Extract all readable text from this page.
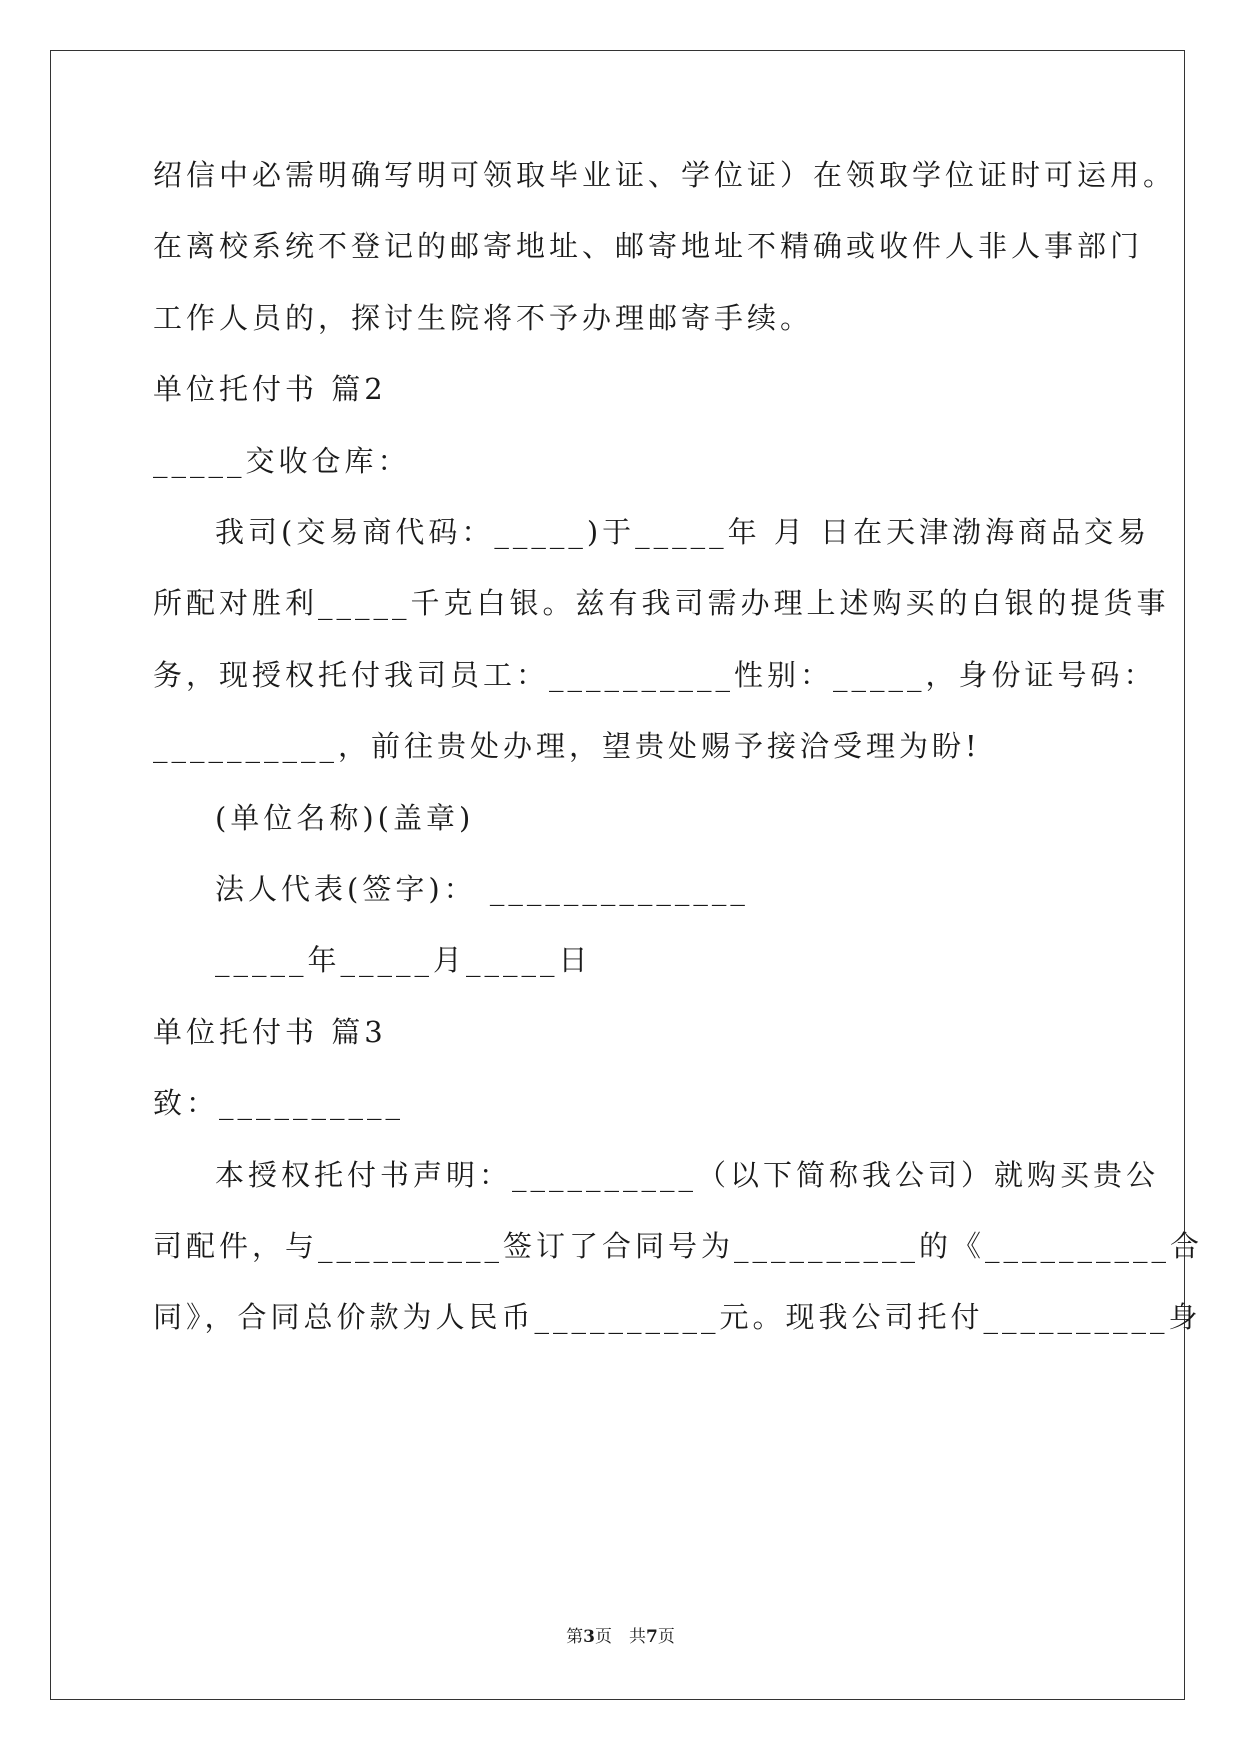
绍信中必需明确写明可领取毕业证、学位证）在领取学位证时可运用。
在离校系统不登记的邮寄地址、邮寄地址不精确或收件人非人事部门
工作人员的，探讨生院将不予办理邮寄手续。
单位托付书 篇2
_____交收仓库：
我司(交易商代码：_____)于_____年 月 日在天津渤海商品交易
所配对胜利_____千克白银。兹有我司需办理上述购买的白银的提货事
务，现授权托付我司员工：__________性别：_____，身份证号码：
__________，前往贵处办理，望贵处赐予接洽受理为盼!
(单位名称)(盖章)
法人代表(签字)： ______________
_____年_____月_____日
单位托付书 篇3
致：__________
本授权托付书声明：__________（以下简称我公司）就购买贵公
司配件，与__________签订了合同号为__________的《__________合
同》，合同总价款为人民币__________元。现我公司托付__________身
第3页　共7页
